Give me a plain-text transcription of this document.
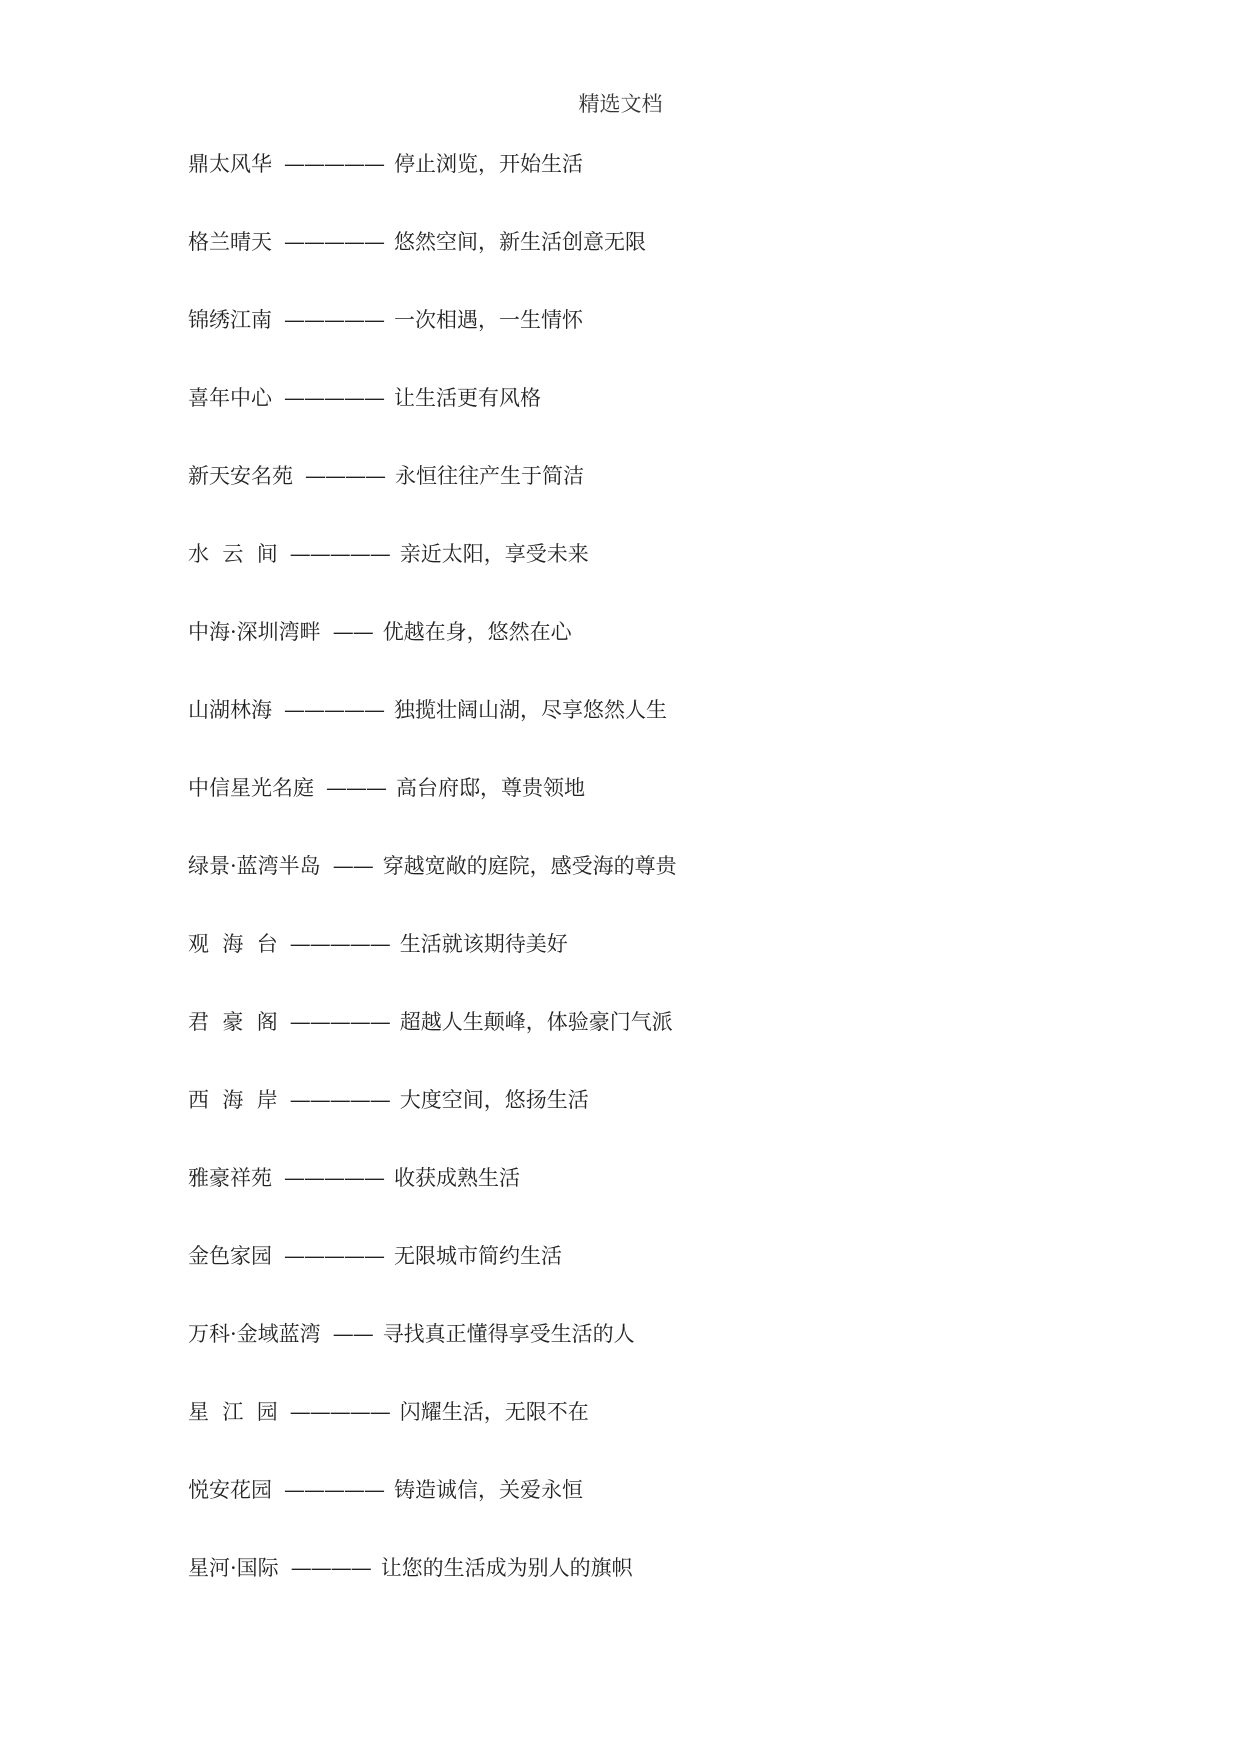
精选文档
鼎太风华 ————— 停止浏览，开始生活
格兰晴天 ————— 悠然空间，新生活创意无限
锦绣江南 ————— 一次相遇，一生情怀
喜年中心 ————— 让生活更有风格
新天安名苑 ———— 永恒往往产生于简洁
水  云  间 ————— 亲近太阳，享受未来
中海·深圳湾畔 —— 优越在身，悠然在心
山湖林海 ————— 独揽壮阔山湖，尽享悠然人生
中信星光名庭 ——— 高台府邸，尊贵领地
绿景·蓝湾半岛 —— 穿越宽敞的庭院，感受海的尊贵
观  海  台 ————— 生活就该期待美好
君  豪  阁 ————— 超越人生颠峰，体验豪门气派
西  海  岸 ————— 大度空间，悠扬生活
雅豪祥苑 ————— 收获成熟生活
金色家园 ————— 无限城市简约生活
万科·金域蓝湾 —— 寻找真正懂得享受生活的人
星  江  园 ————— 闪耀生活，无限不在
悦安花园 ————— 铸造诚信，关爱永恒
星河·国际 ———— 让您的生活成为别人的旗帜
